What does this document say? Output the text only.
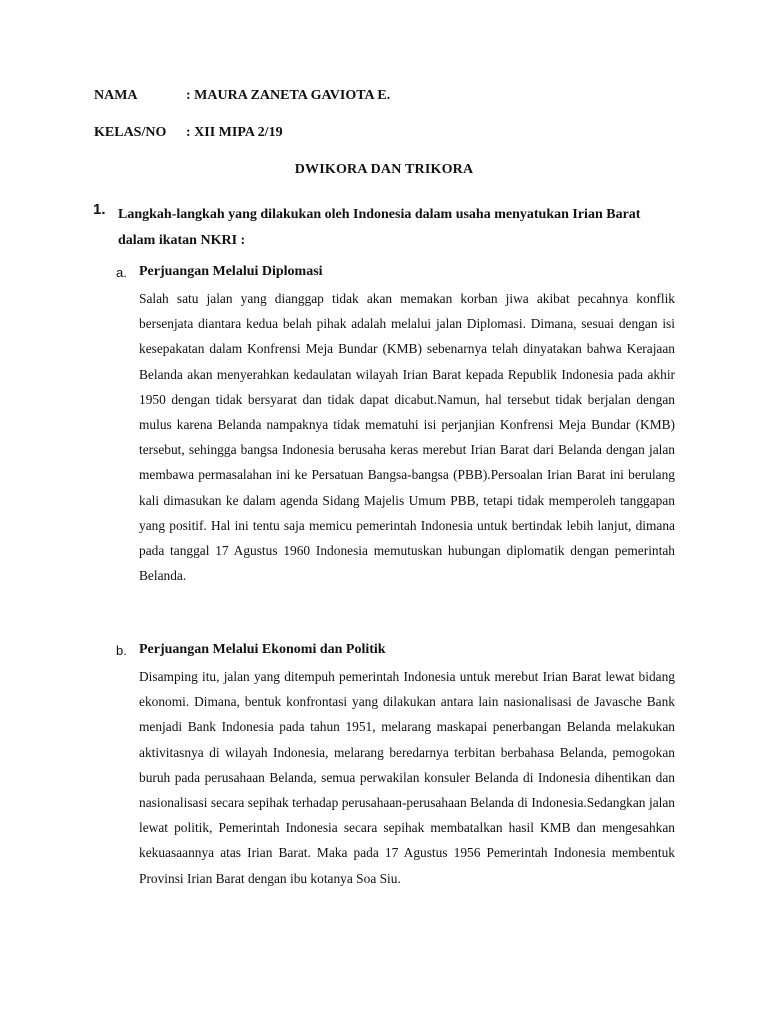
NAMA	: MAURA ZANETA GAVIOTA E.
KELAS/NO : XII MIPA 2/19
DWIKORA DAN TRIKORA
1. Langkah-langkah yang dilakukan oleh Indonesia dalam usaha menyatukan Irian Barat dalam ikatan NKRI :
a. Perjuangan Melalui Diplomasi

Salah satu jalan yang dianggap tidak akan memakan korban jiwa akibat pecahnya konflik bersenjata diantara kedua belah pihak adalah melalui jalan Diplomasi. Dimana, sesuai dengan isi kesepakatan dalam Konfrensi Meja Bundar (KMB) sebenarnya telah dinyatakan bahwa Kerajaan Belanda akan menyerahkan kedaulatan wilayah Irian Barat kepada Republik Indonesia pada akhir 1950 dengan tidak bersyarat dan tidak dapat dicabut.Namun, hal tersebut tidak berjalan dengan mulus karena Belanda nampaknya tidak mematuhi isi perjanjian Konfrensi Meja Bundar (KMB) tersebut, sehingga bangsa Indonesia berusaha keras merebut Irian Barat dari Belanda dengan jalan membawa permasalahan ini ke Persatuan Bangsa-bangsa (PBB).Persoalan Irian Barat ini berulang kali dimasukan ke dalam agenda Sidang Majelis Umum PBB, tetapi tidak memperoleh tanggapan yang positif. Hal ini tentu saja memicu pemerintah Indonesia untuk bertindak lebih lanjut, dimana pada tanggal 17 Agustus 1960 Indonesia memutuskan hubungan diplomatik dengan pemerintah Belanda.

b. Perjuangan Melalui Ekonomi dan Politik

Disamping itu, jalan yang ditempuh pemerintah Indonesia untuk merebut Irian Barat lewat bidang ekonomi. Dimana, bentuk konfrontasi yang dilakukan antara lain nasionalisasi de Javasche Bank menjadi Bank Indonesia pada tahun 1951, melarang maskapai penerbangan Belanda melakukan aktivitasnya di wilayah Indonesia, melarang beredarnya terbitan berbahasa Belanda, pemogokan buruh pada perusahaan Belanda, semua perwakilan konsuler Belanda di Indonesia dihentikan dan nasionalisasi secara sepihak terhadap perusahaan-perusahaan Belanda di Indonesia.Sedangkan jalan lewat politik, Pemerintah Indonesia secara sepihak membatalkan hasil KMB dan mengesahkan kekuasaannya atas Irian Barat. Maka pada 17 Agustus 1956 Pemerintah Indonesia membentuk Provinsi Irian Barat dengan ibu kotanya Soa Siu.
